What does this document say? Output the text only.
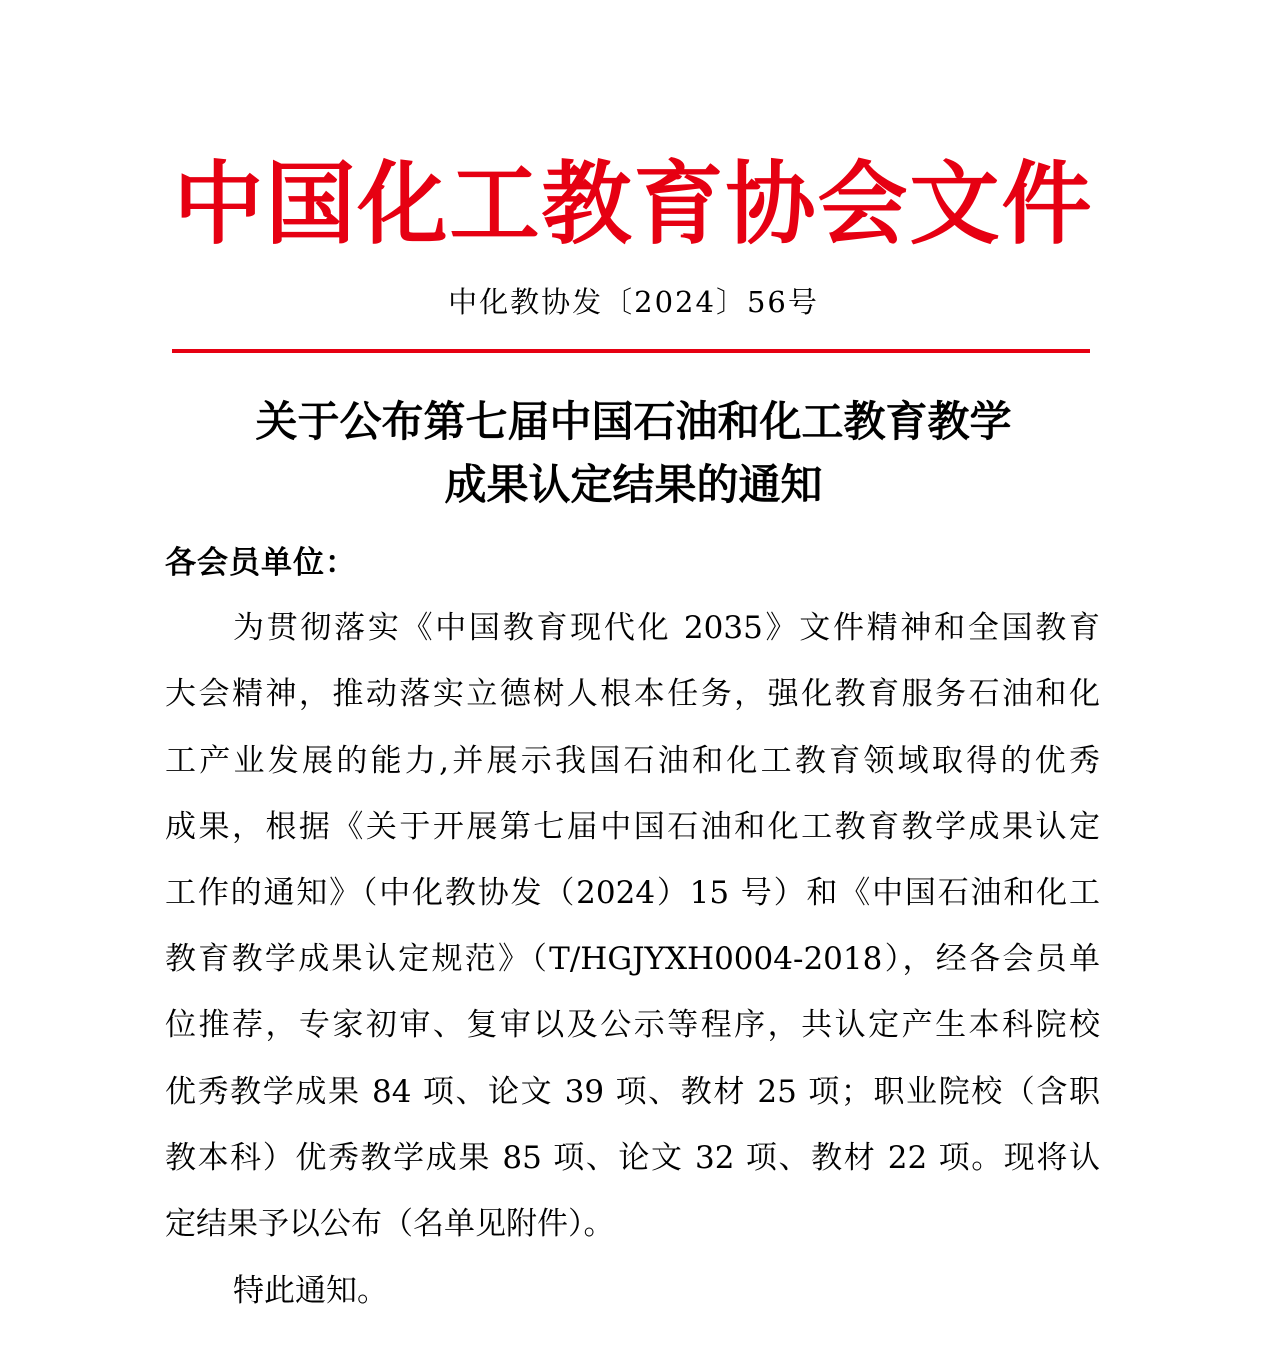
中国化工教育协会文件
中化教协发〔2024〕56号
关于公布第七届中国石油和化工教育教学
成果认定结果的通知
各会员单位：
为贯彻落实《中国教育现代化 2035》文件精神和全国教育
大会精神，推动落实立德树人根本任务，强化教育服务石油和化
工产业发展的能力,并展示我国石油和化工教育领域取得的优秀
成果，根据《关于开展第七届中国石油和化工教育教学成果认定
工作的通知》（中化教协发（2024）15 号）和《中国石油和化工
教育教学成果认定规范》（T/HGJYXH0004-2018），经各会员单
位推荐，专家初审、复审以及公示等程序，共认定产生本科院校
优秀教学成果 84 项、论文 39 项、教材 25 项；职业院校（含职
教本科）优秀教学成果 85 项、论文 32 项、教材 22 项。现将认
定结果予以公布（名单见附件）。
特此通知。
